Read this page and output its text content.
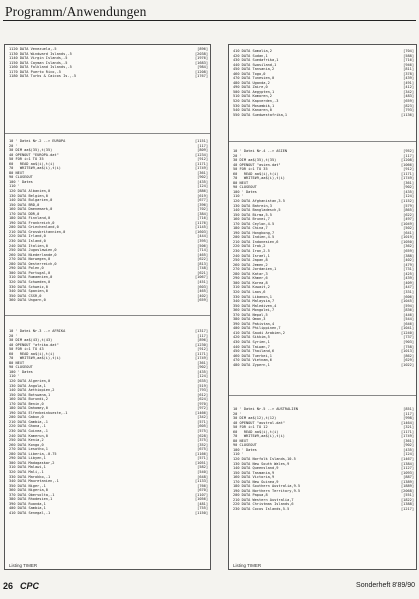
Programm/Anwendungen
1120 DATA Venezuela,-5	[896]
1130 DATA Windward Islands,-5	[2038]
1140 DATA Virgin Islands,-5	[1976]
1150 DATA Cayman Islands,-5	[1683]
1160 DATA Falkland Islands,-5	[984]
1170 DATA Puerto Rico,-5	[1208]
1180 DATA Turks & Caicos Is.,-5	[1767]
10 ' Datei Nr.2 --> EUROPA	[1151]
20 '	[117]
30 DIM aa$(35),t(35)	[809]
40 OPENOUT "EUROPA.dat"	[1234]
50 FOR i=1 TO 35	[912]
60   READ aa$(i),t(i)	[1171]
70   WRITE#9,aa$(i),t(i)	[1749]
80 NEXT	[361]
90 CLOSEOUT	[902]
100 ' Dates	[435]
110 '	[124]
120 DATA Albanien,0	[886]
130 DATA Belgien,0	[619]
140 DATA Bulgarien,0	[677]
150 DATA BRD,0	[396]
160 DATA Daenemark,0	[702]
170 DATA DDR,0	[384]
180 DATA Finnland,0	[716]
190 DATA Frankreich,0	[1176]
200 DATA Griechenland,0	[1145]
210 DATA Grossbritannien,0	[1603]
220 DATA Irland,0	[444]
230 DATA Island,0	[395]
240 DATA Italien,0	[506]
250 DATA Jugoslawien,0	[714]
260 DATA Niederlande,0	[465]
270 DATA Norwegen,0	[622]
280 DATA Oesterreich,0	[813]
290 DATA Polen,0	[748]
300 DATA Portugal,0	[621]
310 DATA Rumaenien,0	[1067]
320 DATA Schweden,0	[451]
330 DATA Schweiz,0	[603]
340 DATA Spanien,0	[465]
350 DATA CSSR,0	[402]
360 DATA Ungarn,0	[659]
10 ' Datei Nr.3 --> AFRIKA	[1317]
20 '	[117]
30 DIM aa$(43),t(43)	[896]
40 OPENOUT "afrika.dat"	[1230]
50 FOR i=1 TO 43	[912]
60   READ aa$(i),t(i)	[1171]
70   WRITE#9,aa$(i),t(i)	[1749]
80 NEXT	[361]
90 CLOSEOUT	[902]
100 ' Dates	[435]
110 '	[124]
120 DATA Algerien,0	[635]
130 DATA Angola,1	[519]
140 DATA Aethiopien,2	[793]
150 DATA Botswana,1	[612]
160 DATA Burundi,2	[624]
170 DATA Benin,0	[970]
180 DATA Dahomey,0	[972]
190 DATA Elfenbeinkueste,-1	[1466]
200 DATA Gabun,0	[342]
210 DATA Gambia,-1	[571]
220 DATA Ghana,-1	[605]
230 DATA Guinea,-1	[575]
240 DATA Kamerun,0	[628]
250 DATA Kenia,2	[375]
260 DATA Kongo,0	[352]
270 DATA Lesotho,1	[675]
280 DATA Liberia,-0.75	[1166]
290 DATA Libyen,1	[571]
300 DATA Madagaskar,2	[1051]
310 DATA Malawi,1	[582]
320 DATA Mali,-1	[540]
330 DATA Marokko,-1	[648]
340 DATA Mauretanien,-1	[1133]
350 DATA Niger,-1	[766]
360 DATA Nigeria,0	[670]
370 DATA Obervolta,-1	[1107]
380 DATA Rhodesien,1	[1056]
390 DATA Ruanda,1	[481]
400 DATA Sambia,1	[755]
410 DATA Senegal,-1	[1150]
Listing TIMER
410 DATA Somalia,2	[704]
420 DATA Sudan,1	[588]
430 DATA Suedafrika,1	[716]
440 DATA Swasiland,1	[946]
450 DATA Tansania,2	[811]
460 DATA Togo,0	[378]
470 DATA Tunesien,0	[439]
480 DATA Uganda,2	[491]
490 DATA Zaire,0	[412]
500 DATA Aegypten,1	[342]
510 DATA Komoren,2	[483]
520 DATA Kapverden,-3	[659]
530 DATA Mosambik,1	[823]
540 DATA Kanaren,0	[793]
550 DATA Suedwestafrika,1	[1136]
10 ' Datei Nr.4 --> ASIEN	[952]
20 '	[117]
30 DIM aa$(35),t(35)	[1208]
40 OPENOUT "asien.dat"	[1066]
50 FOR i=1 TO 35	[912]
60   READ aa$(i),t(i)	[1171]
70   WRITE#9,aa$(i),t(i)	[1749]
80 NEXT	[361]
90 CLOSEOUT	[902]
100 ' Dates	[435]
110 '	[124]
120 DATA Afghanistan,3.5	[1152]
130 DATA Bahrein,3	[579]
140 DATA Bangladesch,5	[865]
150 DATA Birma,5.5	[622]
160 DATA Brunei,7	[497]
170 DATA Ceylon,4.5	[1049]
180 DATA China,7	[502]
190 DATA Hongkong,7	[641]
200 DATA Indien,4.5	[1019]
210 DATA Indonesien,6	[1050]
220 DATA Irak,2	[362]
230 DATA Iran,2.5	[659]
240 DATA Israel,1	[388]
250 DATA Japan,8	[402]
260 DATA Jemen,2	[479]
270 DATA Jordanien,1	[731]
280 DATA Katar,3	[425]
290 DATA Khmer,6	[439]
300 DATA Korea,8	[409]
310 DATA Kuwait,2	[447]
320 DATA Laos,6	[331]
330 DATA Libanon,1	[606]
340 DATA Malaysia,7	[1045]
350 DATA Malediven,4	[594]
360 DATA Mongolei,7	[836]
370 DATA Nepal,5	[446]
380 DATA Oman,3	[544]
390 DATA Pakistan,4	[646]
400 DATA Philippinen,7	[1041]
410 DATA Saudi Arabien,2	[1240]
420 DATA Sikkim,5	[737]
430 DATA Syrien,1	[903]
440 DATA Taiwan,7	[758]
450 DATA Thailand,6	[1013]
460 DATA Tuerkei,1	[862]
470 DATA Vietnam,6	[629]
480 DATA Zypern,1	[1022]
10 ' Datei Nr.5 --> AUSTRALIEN	[851]
20 '	[117]
30 DIM aa$(12),t(12)	[998]
40 OPENOUT "austral.dat"	[1464]
50 FOR i=1 TO 12	[321]
60   READ aa$(i),t(i)	[1171]
70   WRITE#9,aa$(i),t(i)	[1749]
80 NEXT	[361]
90 CLOSEOUT	[902]
100 ' Dates	[435]
110 '	[124]
120 DATA Norfolk Islands,10.5	[1467]
130 DATA New South Wales,9	[1384]
140 DATA Queensland,9	[1127]
150 DATA Tasmania,9	[1093]
160 DATA Victoria,9	[887]
170 DATA New Guinea,9	[1389]
180 DATA Southern Australia,9.5	[1889]
190 DATA Northern Territory,9.5	[2068]
200 DATA Papua,8	[551]
210 DATA Western Australia,7	[1822]
220 DATA Christmas Islands,6	[1388]
230 DATA Cocos Islands,5.5	[1217]
Listing TIMER
26 CPC	Sonderheft 8'89/90
